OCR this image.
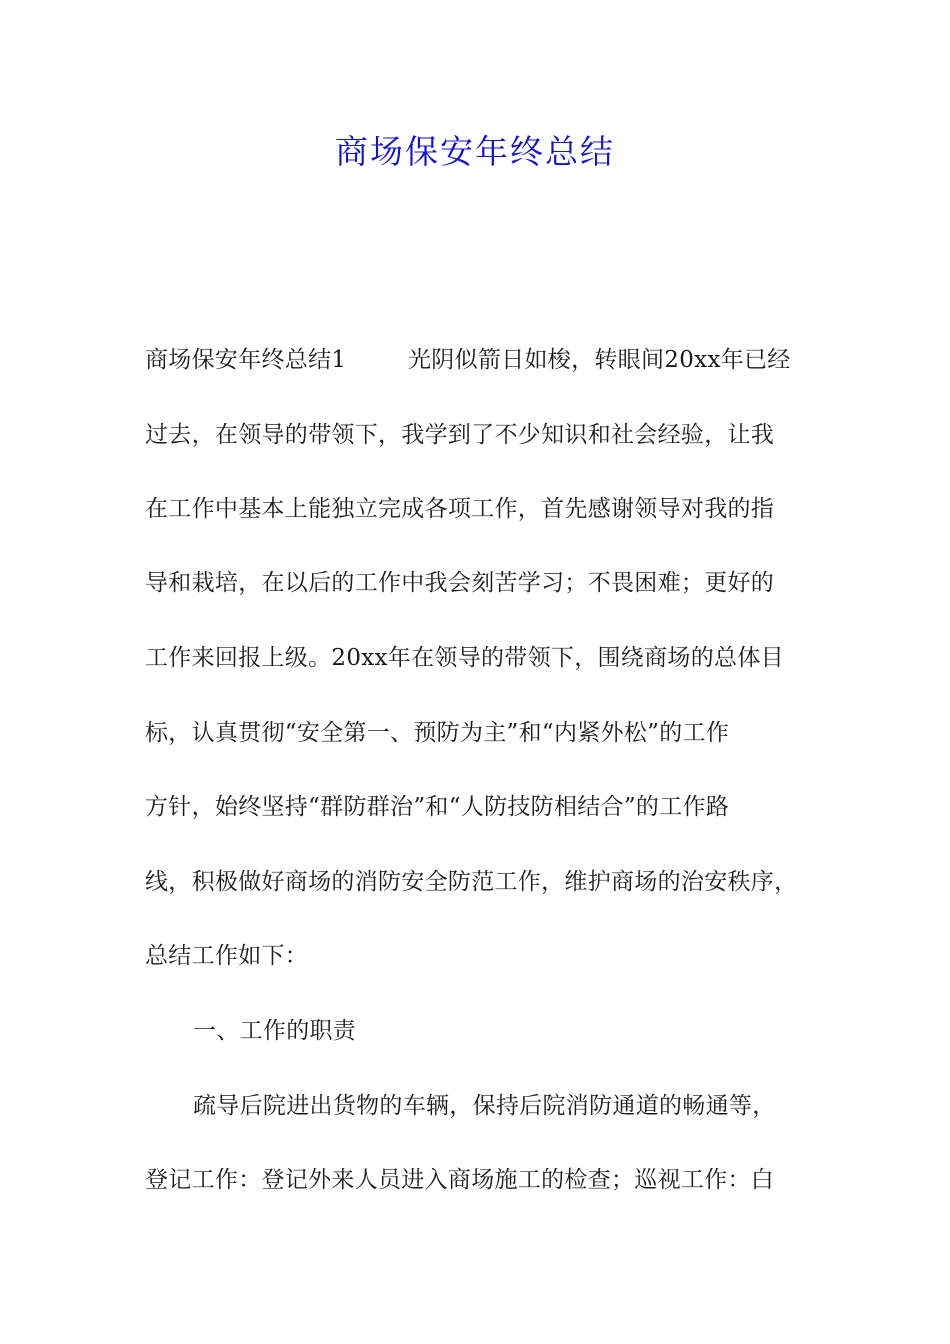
商场保安年终总结
商场保安年终总结1	光阴似箭日如梭，转眼间20xx年已经
过去，在领导的带领下，我学到了不少知识和社会经验，让我
在工作中基本上能独立完成各项工作，首先感谢领导对我的指
导和栽培，在以后的工作中我会刻苦学习；不畏困难；更好的
工作来回报上级。20xx年在领导的带领下，围绕商场的总体目
标，认真贯彻“安全第一、预防为主”和“内紧外松”的工作
方针，始终坚持“群防群治”和“人防技防相结合”的工作路
线，积极做好商场的消防安全防范工作，维护商场的治安秩序，
总结工作如下：
一、工作的职责
疏导后院进出货物的车辆，保持后院消防通道的畅通等，
登记工作：登记外来人员进入商场施工的检查；巡视工作：白
